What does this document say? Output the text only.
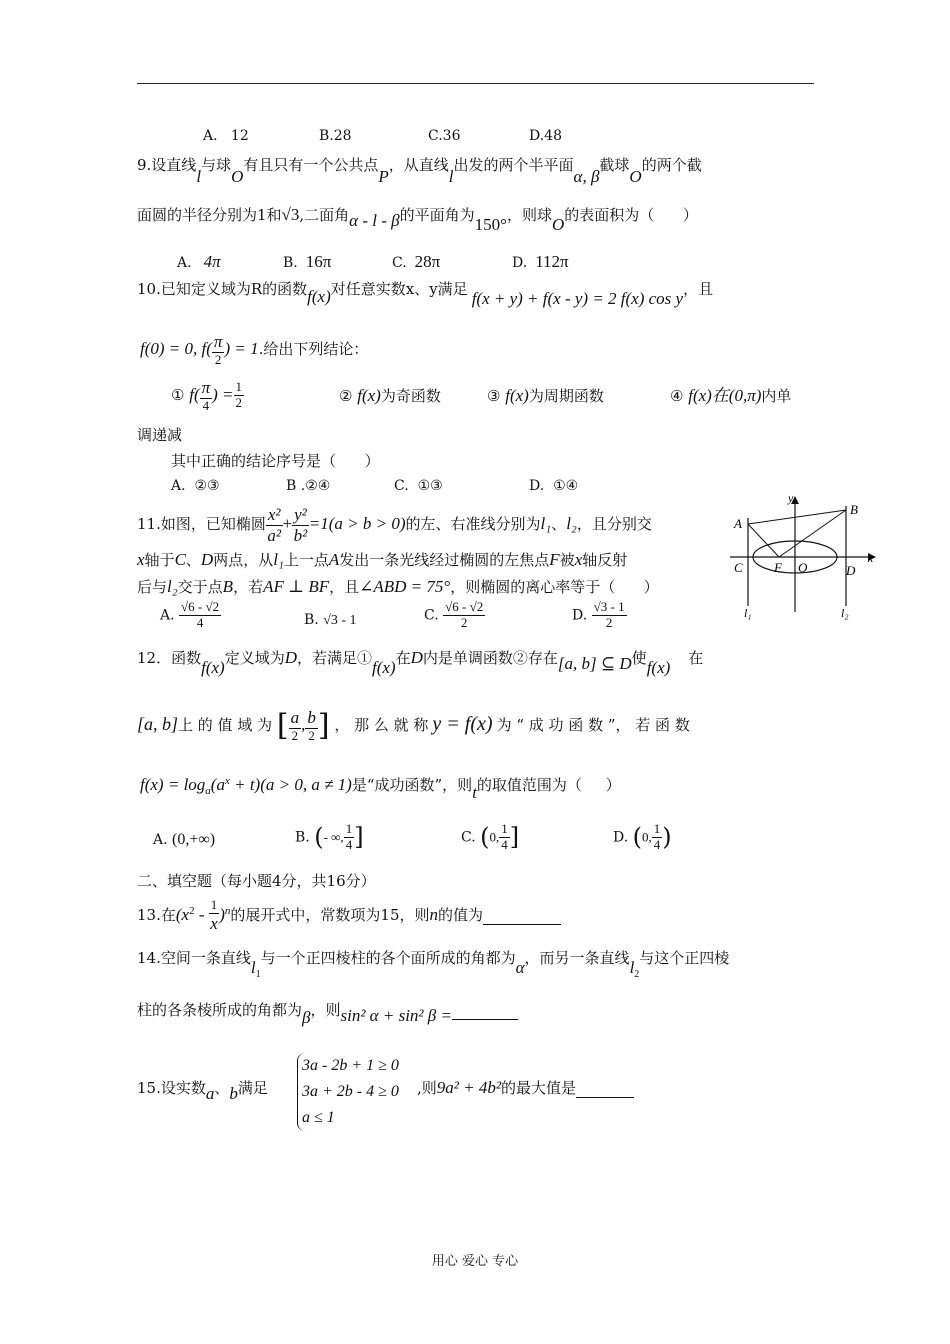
A.   12	B.28	C.36	D.48
9.设直线l与球O有且只有一个公共点P，从直线l出发的两个半平面α, β截球O的两个截
面圆的半径分别为1和√3,二面角α - l - β的平面角为150°，则球O的表面积为（      ）
A. 4π	B. 16π	C. 28π	D. 112π
10.已知定义域为R的函数f(x)对任意实数x、y满足 f(x + y) + f(x - y) = 2 f(x) cos y，且
f(0) = 0, $f( \frac{\pi}{2}$ ) = 1.给出下列结论：
① $f( \frac{\pi}{4}$ ) = $\frac{1}{2}$	② f(x)为奇函数	③ f(x)为周期函数	④ f(x)在(0,π)内单
调递减
其中正确的结论序号是（      ）
A.  ②③	B .②④	C.  ①③	D.  ①④
11.如图，已知椭圆 $\frac{\text{x²}}{\text{a²}} + \frac{\text{y²}}{\text{b²}} =1(a > b > 0)$的左、右准线分别为l₁、l₂，且分别交
x轴于C、D两点，从l₁上一点A发出一条光线经过椭圆的左焦点F被x轴反射
后与l₂交于点B，若AF ⊥ BF，且∠ABD = 75°，则椭圆的离心率等于（      ）
A. $\frac{√6 - √2}{4}$	B. √3 - 1	C. $\frac{√6 - √2}{2}$	D. $\frac{√3 - 1}{2}$
y
x
A
B
C	D
F O
l₁	l₂
12．函数f(x)定义域为D，若满足①f(x)在D内是单调函数②存在[a, b] ⊆ D使f(x) 在
[a, b]上 的 值 域 为 [ $\frac{a}{2}$ , $\frac{b}{2}$ ] ， 那 么 就 称 y = f(x) 为 “ 成 功 函 数 ”， 若 函 数
$f(x) = \log_a(a^x + t)(a > 0$, a ≠ 1)是“成功函数”，则t的取值范围为（     ）
A. (0,+∞)	B. (- ∞, $\frac{1}{4}$ ]	C. (0, $\frac{1}{4}$ ]	D. (0, $\frac{1}{4}$ )
二、填空题（每小题4分，共16分）
13.在$(x^2 - \frac{1}{x} )^n$的展开式中，常数项为15，则n的值为
14.空间一条直线$l_1$与一个正四棱柱的各个面所成的角都为α，而另一条直线$l_2$与这个正四棱
柱的各条棱所成的角都为β，则sin² α + sin² β =
15.设实数a、b满足
3a - 2b + 1 ≥ 0
3a + 2b - 4 ≥ 0
a ≤ 1
,则9a² + 4b²的最大值是
用心 爱心 专心
